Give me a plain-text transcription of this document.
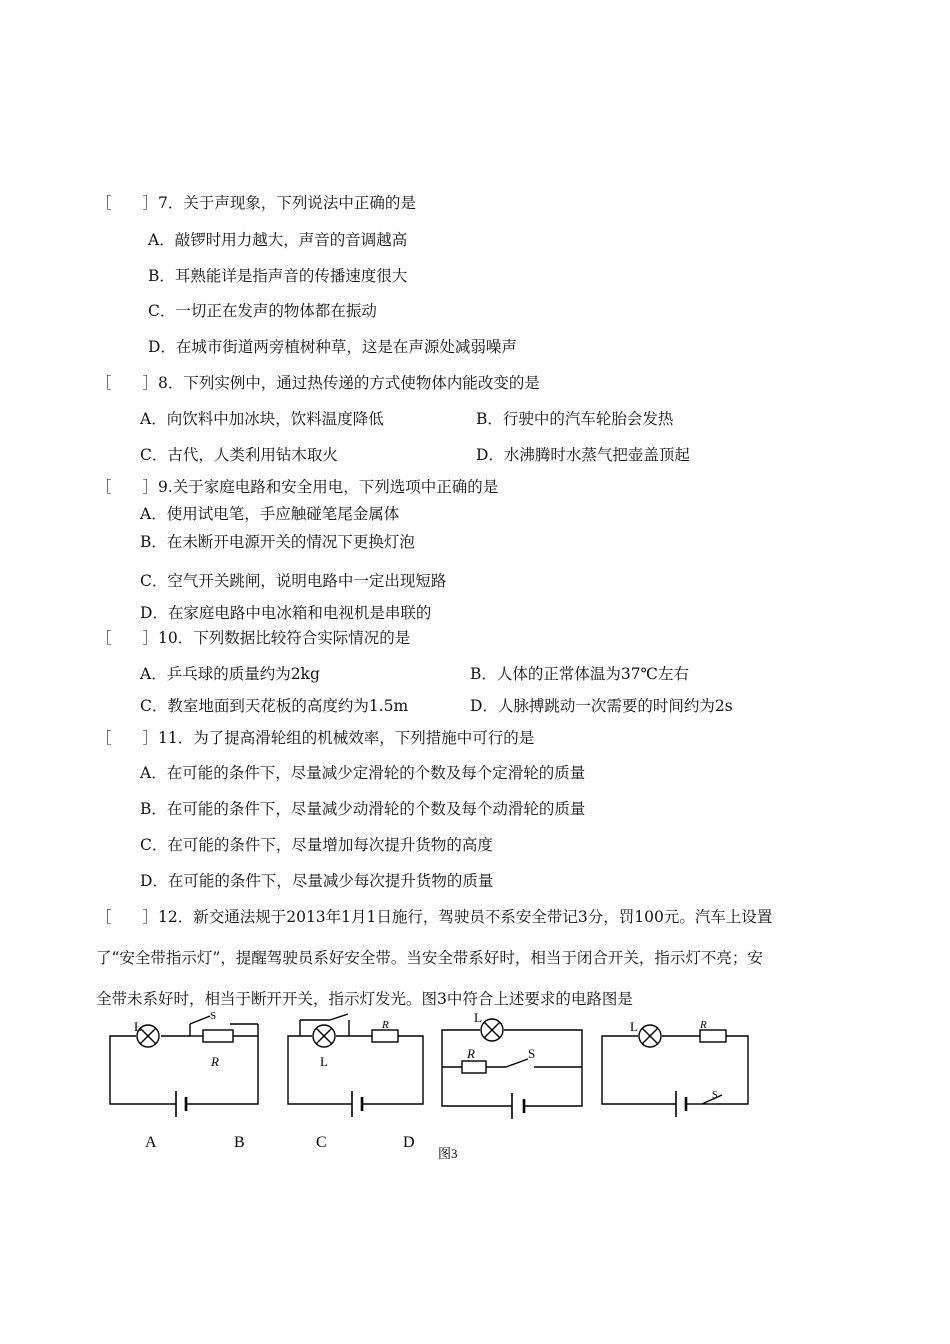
［　　］7．关于声现象，下列说法中正确的是
A．敲锣时用力越大，声音的音调越高
B．耳熟能详是指声音的传播速度很大
C．一切正在发声的物体都在振动
D．在城市街道两旁植树种草，这是在声源处减弱噪声
［　　］8．下列实例中，通过热传递的方式使物体内能改变的是
A．向饮料中加冰块，饮料温度降低	B．行驶中的汽车轮胎会发热
C．古代，人类利用钻木取火	D．水沸腾时水蒸气把壶盖顶起
［　　］9.关于家庭电路和安全用电，下列选项中正确的是
A．使用试电笔，手应触碰笔尾金属体
B．在未断开电源开关的情况下更换灯泡
C．空气开关跳闸，说明电路中一定出现短路
D．在家庭电路中电冰箱和电视机是串联的
［　　］10．下列数据比较符合实际情况的是
A．乒乓球的质量约为2kg	B．人体的正常体温为37℃左右
C．教室地面到天花板的高度约为1.5m	D．人脉搏跳动一次需要的时间约为2s
［　　］11．为了提高滑轮组的机械效率，下列措施中可行的是
A．在可能的条件下，尽量减少定滑轮的个数及每个定滑轮的质量
B．在可能的条件下，尽量减少动滑轮的个数及每个动滑轮的质量
C．在可能的条件下，尽量增加每次提升货物的高度
D．在可能的条件下，尽量减少每次提升货物的质量
［　　］12．新交通法规于2013年1月1日施行，驾驶员不系安全带记3分，罚100元。汽车上设置
了“安全带指示灯”，提醒驾驶员系好安全带。当安全带系好时，相当于闭合开关，指示灯不亮；安
全带未系好时，相当于断开开关，指示灯发光。图3中符合上述要求的电路图是
L
S
R	L
R	L
R	S
L	R
S
A	B	C	D
图3
